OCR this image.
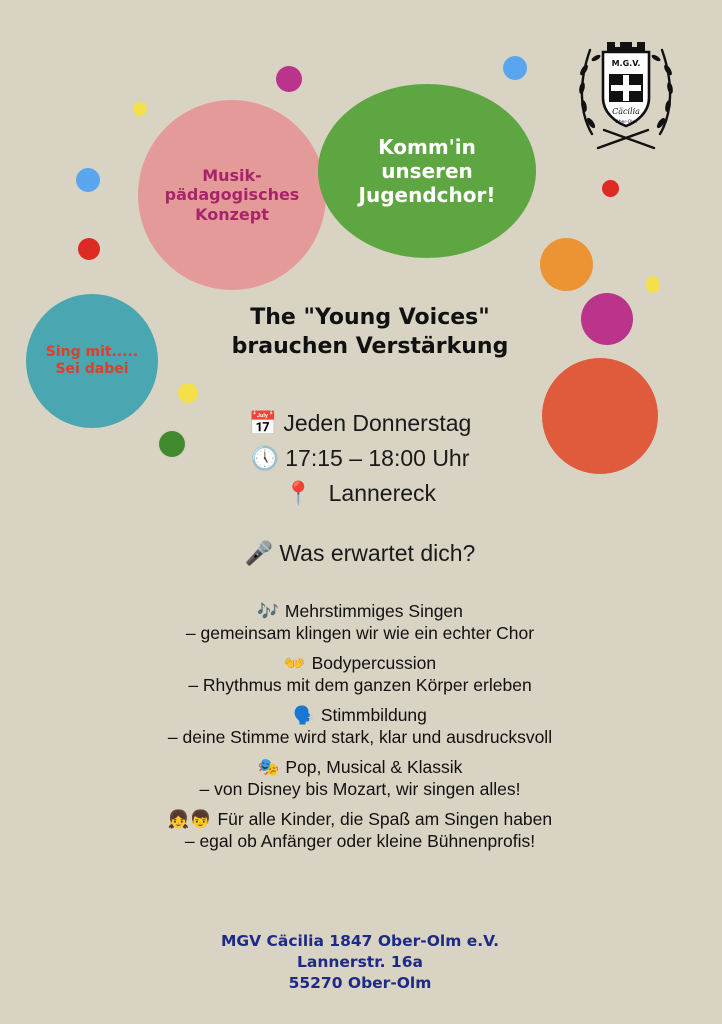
Musik-
pädagogisches
Konzept
Komm'in
unseren
Jugendchor!
Sing mit.....
Sei dabei
M.G.V.
Cäcilia
Ober-Olm
The "Young Voices"
brauchen Verstärkung
📅 Jeden Donnerstag
🕔 17:15 – 18:00 Uhr
📍 Lannereck
🎤 Was erwartet dich?
🎶 Mehrstimmiges Singen
– gemeinsam klingen wir wie ein echter Chor
👐 Bodypercussion
– Rhythmus mit dem ganzen Körper erleben
🗣️ Stimmbildung
– deine Stimme wird stark, klar und ausdrucksvoll
🎭 Pop, Musical & Klassik
– von Disney bis Mozart, wir singen alles!
👧👦 Für alle Kinder, die Spaß am Singen haben
– egal ob Anfänger oder kleine Bühnenprofis!
MGV Cäcilia 1847 Ober-Olm e.V.
Lannerstr. 16a
55270 Ober-Olm
